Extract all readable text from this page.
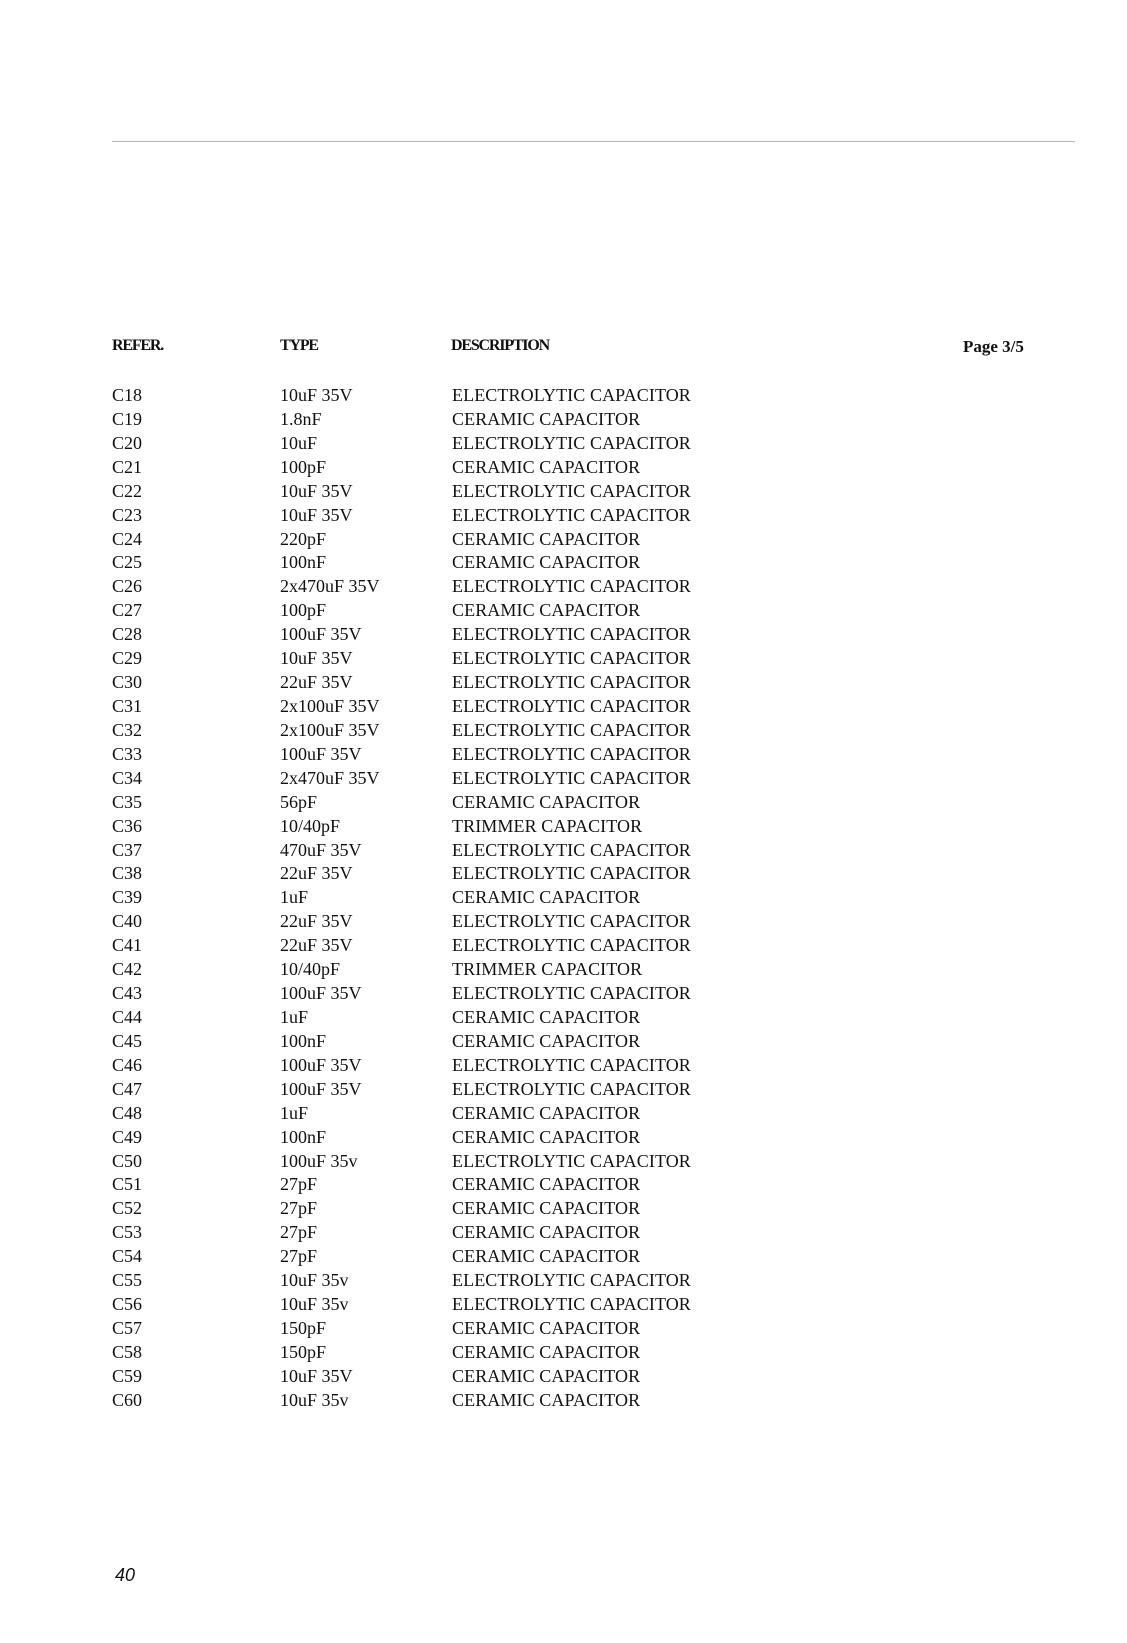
REFER.	TYPE	DESCRIPTION	Page 3/5
C18	10uF 35V	ELECTROLYTIC CAPACITOR
C19	1.8nF	CERAMIC CAPACITOR
C20	10uF	ELECTROLYTIC CAPACITOR
C21	100pF	CERAMIC CAPACITOR
C22	10uF 35V	ELECTROLYTIC CAPACITOR
C23	10uF 35V	ELECTROLYTIC CAPACITOR
C24	220pF	CERAMIC CAPACITOR
C25	100nF	CERAMIC CAPACITOR
C26	2x470uF 35V	ELECTROLYTIC CAPACITOR
C27	100pF	CERAMIC CAPACITOR
C28	100uF 35V	ELECTROLYTIC CAPACITOR
C29	10uF 35V	ELECTROLYTIC CAPACITOR
C30	22uF 35V	ELECTROLYTIC CAPACITOR
C31	2x100uF 35V	ELECTROLYTIC CAPACITOR
C32	2x100uF 35V	ELECTROLYTIC CAPACITOR
C33	100uF 35V	ELECTROLYTIC CAPACITOR
C34	2x470uF 35V	ELECTROLYTIC CAPACITOR
C35	56pF	CERAMIC CAPACITOR
C36	10/40pF	TRIMMER CAPACITOR
C37	470uF 35V	ELECTROLYTIC CAPACITOR
C38	22uF 35V	ELECTROLYTIC CAPACITOR
C39	1uF	CERAMIC CAPACITOR
C40	22uF 35V	ELECTROLYTIC CAPACITOR
C41	22uF 35V	ELECTROLYTIC CAPACITOR
C42	10/40pF	TRIMMER CAPACITOR
C43	100uF 35V	ELECTROLYTIC CAPACITOR
C44	1uF	CERAMIC CAPACITOR
C45	100nF	CERAMIC CAPACITOR
C46	100uF 35V	ELECTROLYTIC CAPACITOR
C47	100uF 35V	ELECTROLYTIC CAPACITOR
C48	1uF	CERAMIC CAPACITOR
C49	100nF	CERAMIC CAPACITOR
C50	100uF 35v	ELECTROLYTIC CAPACITOR
C51	27pF	CERAMIC CAPACITOR
C52	27pF	CERAMIC CAPACITOR
C53	27pF	CERAMIC CAPACITOR
C54	27pF	CERAMIC CAPACITOR
C55	10uF 35v	ELECTROLYTIC CAPACITOR
C56	10uF 35v	ELECTROLYTIC CAPACITOR
C57	150pF	CERAMIC CAPACITOR
C58	150pF	CERAMIC CAPACITOR
C59	10uF 35V	CERAMIC CAPACITOR
C60	10uF 35v	CERAMIC CAPACITOR
40
